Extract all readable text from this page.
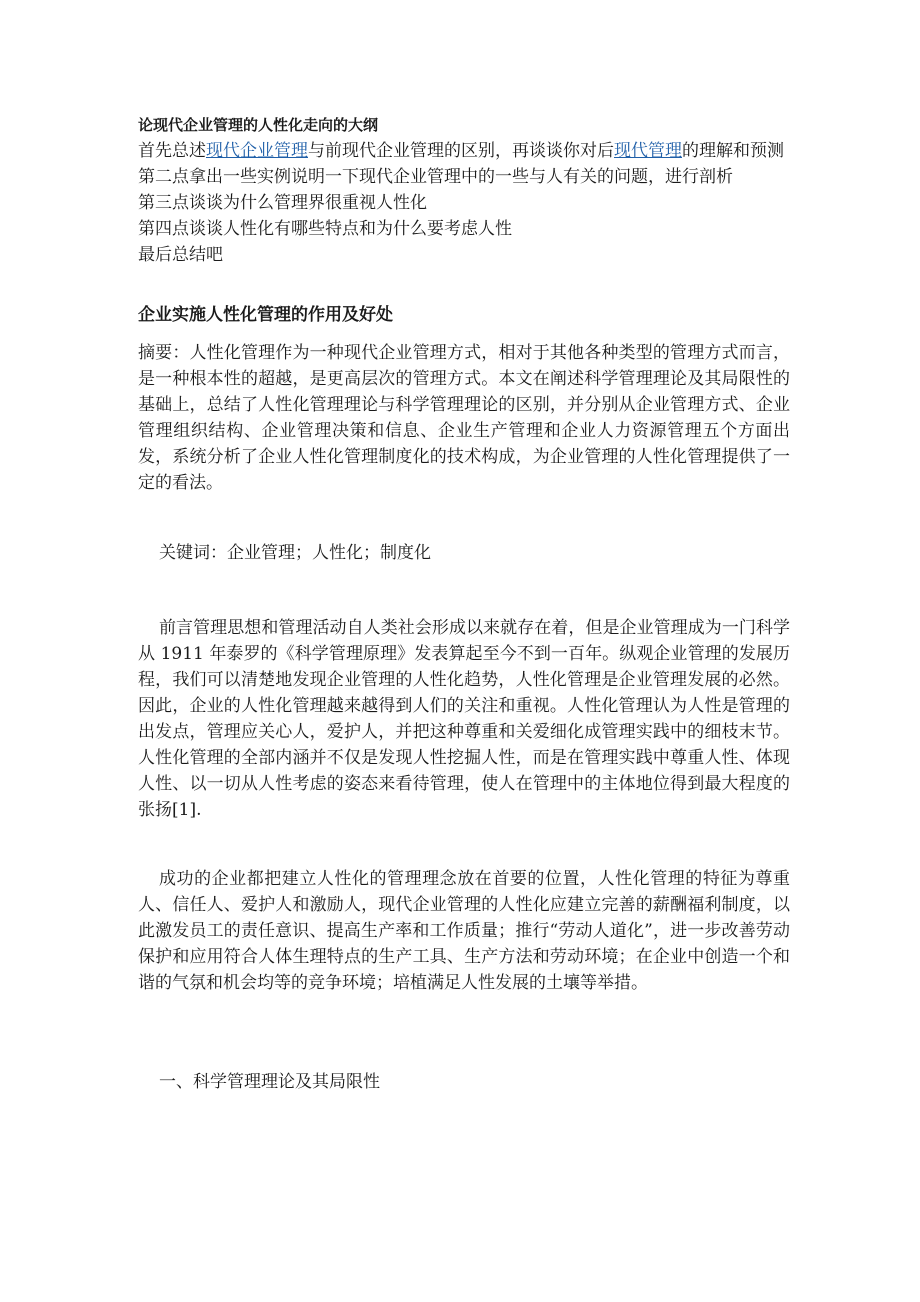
论现代企业管理的人性化走向的大纲

首先总述现代企业管理与前现代企业管理的区别，再谈谈你对后现代管理的理解和预测

第二点拿出一些实例说明一下现代企业管理中的一些与人有关的问题，进行剖析

第三点谈谈为什么管理界很重视人性化

第四点谈谈人性化有哪些特点和为什么要考虑人性

最后总结吧

企业实施人性化管理的作用及好处

摘要：人性化管理作为一种现代企业管理方式，相对于其他各种类型的管理方式而言，是一种根本性的超越，是更高层次的管理方式。本文在阐述科学管理理论及其局限性的基础上，总结了人性化管理理论与科学管理理论的区别，并分别从企业管理方式、企业管理组织结构、企业管理决策和信息、企业生产管理和企业人力资源管理五个方面出发，系统分析了企业人性化管理制度化的技术构成，为企业管理的人性化管理提供了一定的看法。

关键词：企业管理；人性化；制度化

前言管理思想和管理活动自人类社会形成以来就存在着，但是企业管理成为一门科学从 1911 年泰罗的《科学管理原理》发表算起至今不到一百年。纵观企业管理的发展历程，我们可以清楚地发现企业管理的人性化趋势，人性化管理是企业管理发展的必然。因此，企业的人性化管理越来越得到人们的关注和重视。人性化管理认为人性是管理的出发点，管理应关心人，爱护人，并把这种尊重和关爱细化成管理实践中的细枝末节。人性化管理的全部内涵并不仅是发现人性挖掘人性，而是在管理实践中尊重人性、体现人性、以一切从人性考虑的姿态来看待管理，使人在管理中的主体地位得到最大程度的张扬[1].

成功的企业都把建立人性化的管理理念放在首要的位置，人性化管理的特征为尊重人、信任人、爱护人和激励人，现代企业管理的人性化应建立完善的薪酬福利制度，以此激发员工的责任意识、提高生产率和工作质量；推行“劳动人道化”，进一步改善劳动保护和应用符合人体生理特点的生产工具、生产方法和劳动环境；在企业中创造一个和谐的气氛和机会均等的竞争环境；培植满足人性发展的土壤等举措。

一、科学管理理论及其局限性
